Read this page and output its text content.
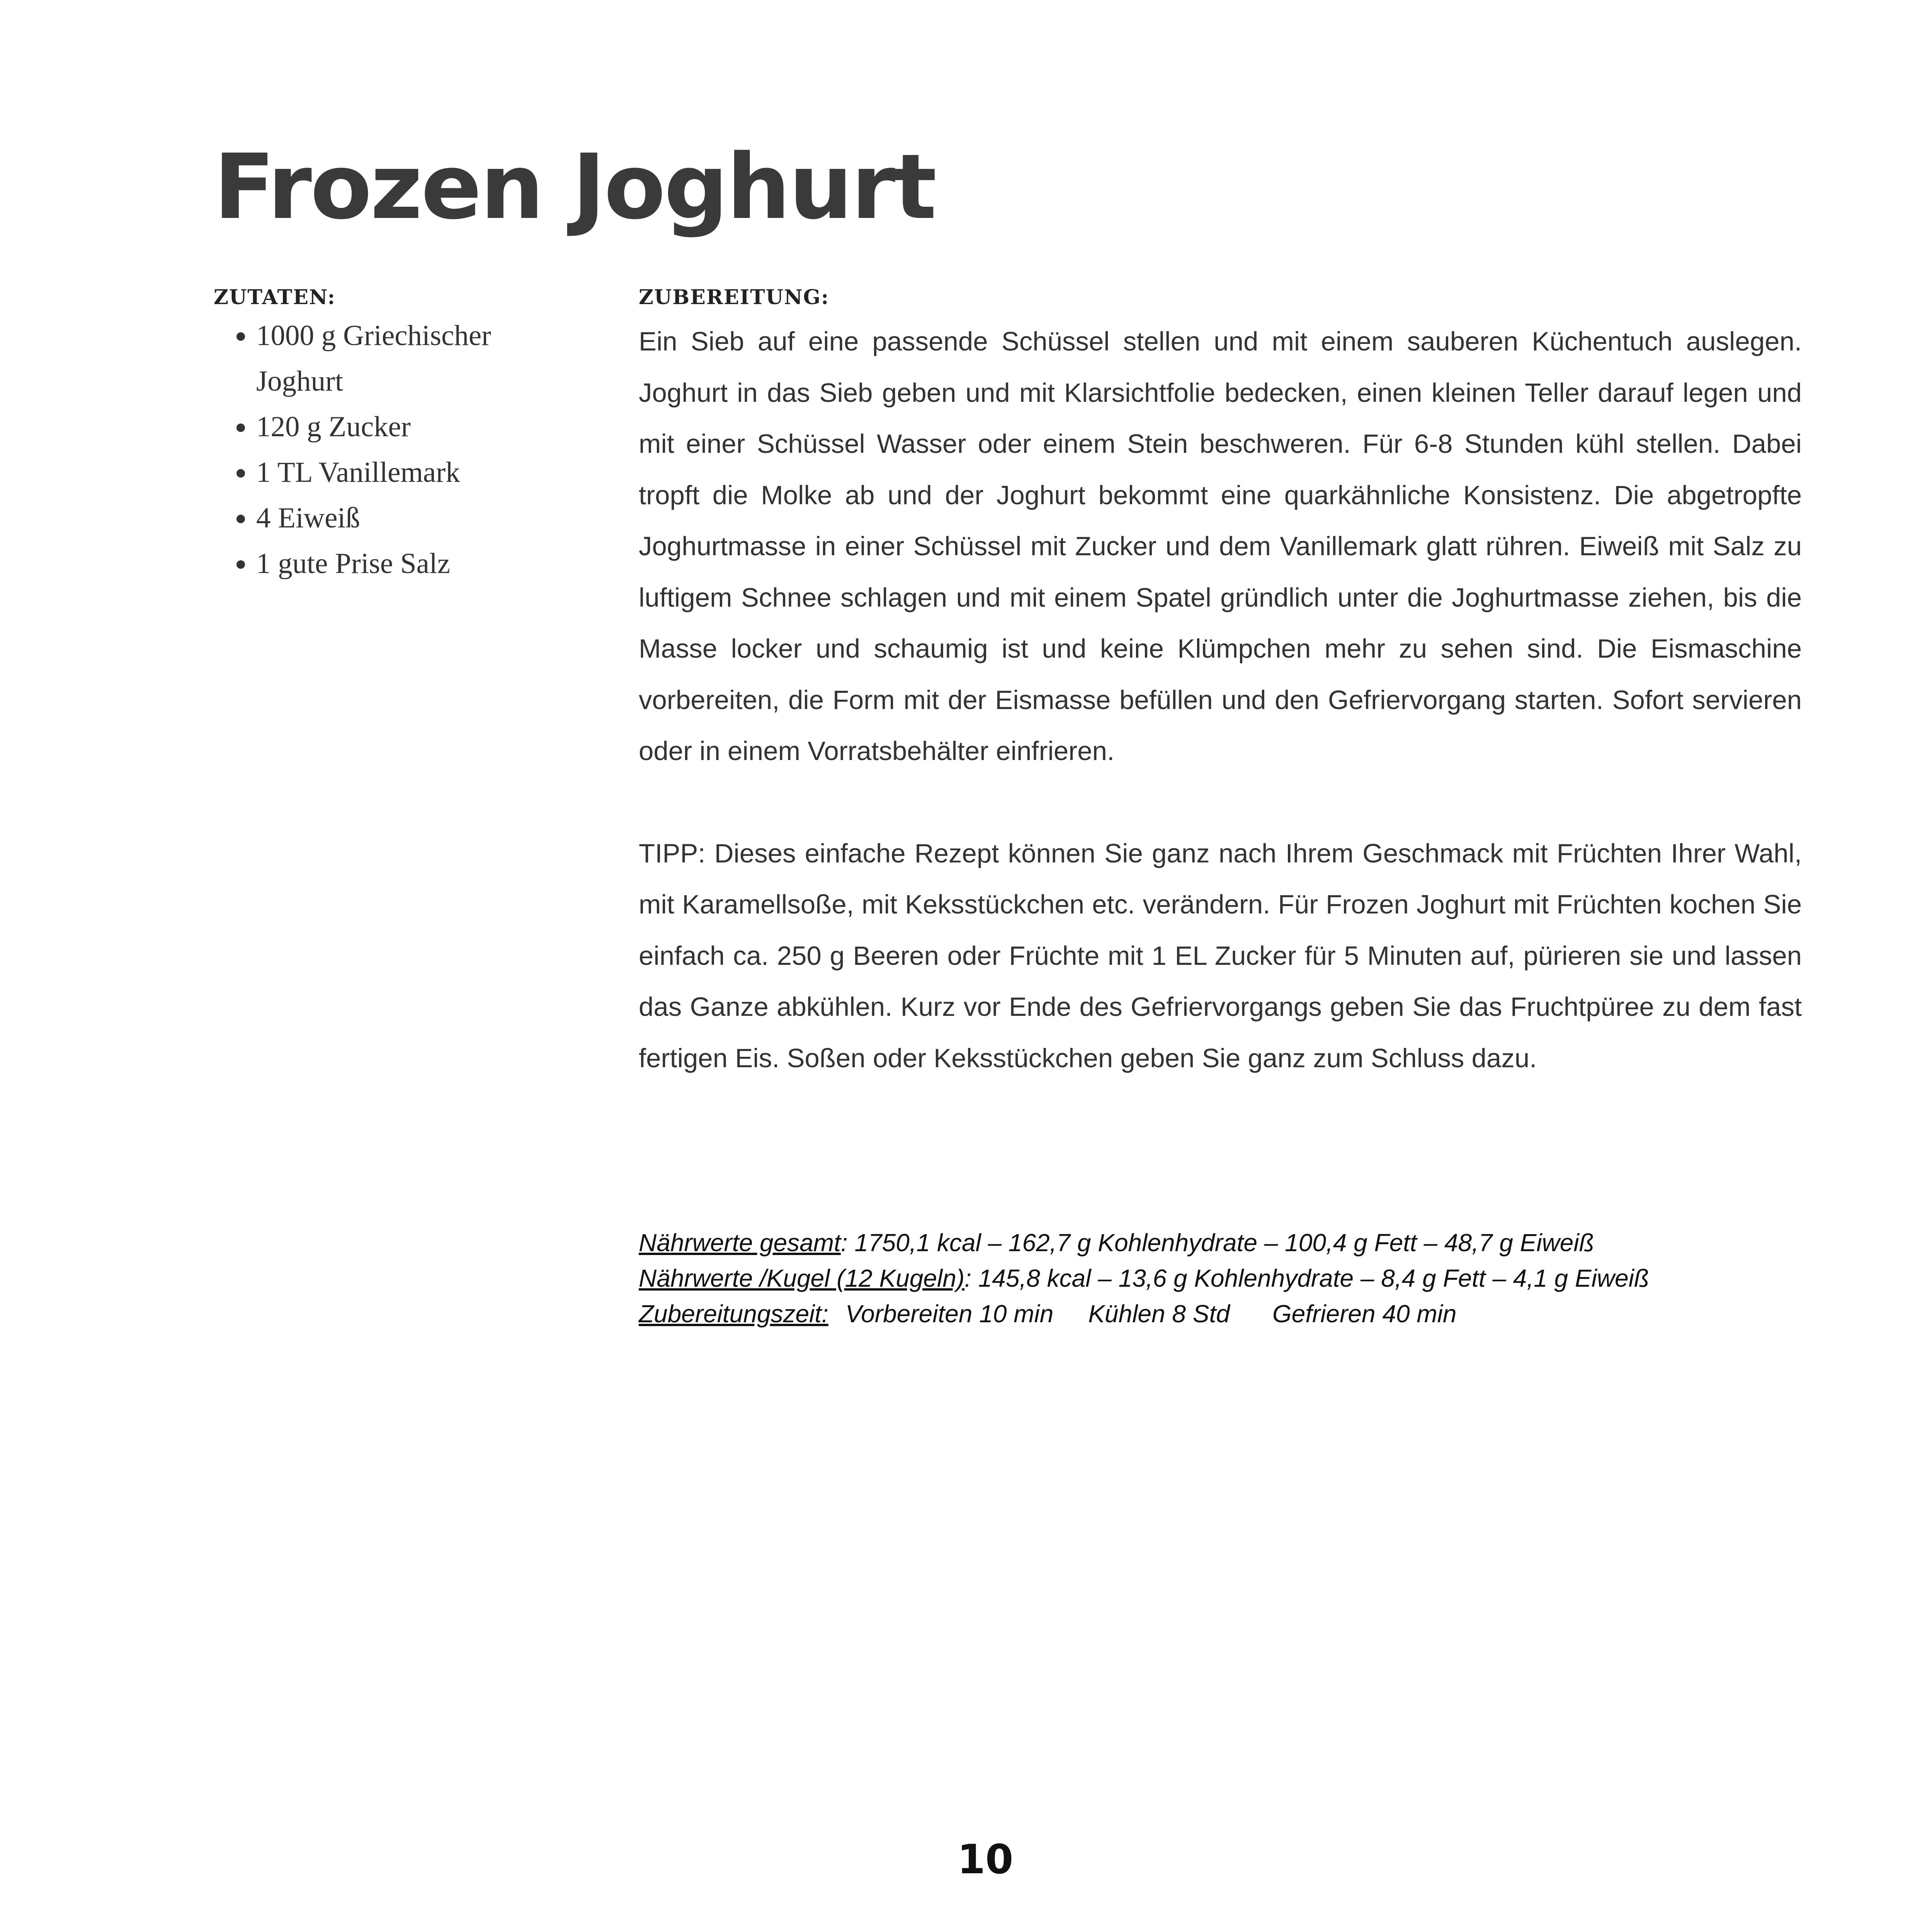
Frozen Joghurt
ZUTATEN:
• 1000 g Griechischer Joghurt
• 120 g Zucker
• 1 TL Vanillemark
• 4 Eiweiß
• 1 gute Prise Salz
ZUBEREITUNG:

Ein Sieb auf eine passende Schüssel stellen und mit einem sauberen Küchentuch auslegen. Joghurt in das Sieb geben und mit Klarsichtfolie bedecken, einen kleinen Teller darauf legen und mit einer Schüssel Wasser oder einem Stein beschweren. Für 6-8 Stunden kühl stellen. Dabei tropft die Molke ab und der Joghurt bekommt eine quarkähnliche Konsistenz. Die abgetropfte Joghurtmasse in einer Schüssel mit Zucker und dem Vanillemark glatt rühren. Eiweiß mit Salz zu luftigem Schnee schlagen und mit einem Spatel gründlich unter die Joghurtmasse ziehen, bis die Masse locker und schaumig ist und keine Klümpchen mehr zu sehen sind. Die Eismaschine vorbereiten, die Form mit der Eismasse befüllen und den Gefriervorgang starten. Sofort servieren oder in einem Vorratsbehälter einfrieren.

TIPP: Dieses einfache Rezept können Sie ganz nach Ihrem Geschmack mit Früchten Ihrer Wahl, mit Karamellsoße, mit Keksstückchen etc. verändern. Für Frozen Joghurt mit Früchten kochen Sie einfach ca. 250 g Beeren oder Früchte mit 1 EL Zucker für 5 Minuten auf, pürieren sie und lassen das Ganze abkühlen. Kurz vor Ende des Gefriervorgangs geben Sie das Fruchtpüree zu dem fast fertigen Eis. Soßen oder Keksstückchen geben Sie ganz zum Schluss dazu.

Nährwerte gesamt: 1750,1 kcal – 162,7 g Kohlenhydrate – 100,4 g Fett – 48,7 g Eiweiß
Nährwerte /Kugel (12 Kugeln): 145,8 kcal – 13,6 g Kohlenhydrate – 8,4 g Fett – 4,1 g Eiweiß
Zubereitungszeit: Vorbereiten 10 min Kühlen 8 Std Gefrieren 40 min
10
